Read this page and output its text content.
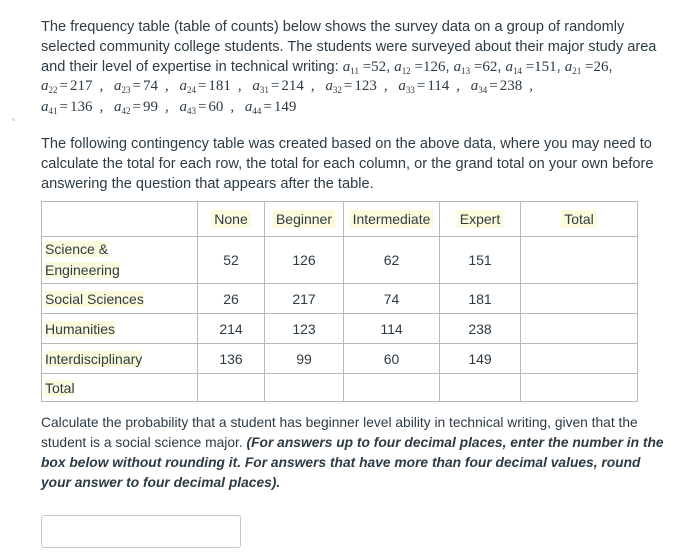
The frequency table (table of counts) below shows the survey data on a group of randomly selected community college students. The students were surveyed about their major study area and their level of expertise in technical writing: $a_{11} =52$, $a_{12} =126$, $a_{13} =62$, $a_{14} =151$, $a_{21} =26$,
$a_{22} = 217$ , $a_{23} = 74$ , $a_{24} = 181$ , $a_{31} = 214$ , $a_{32} = 123$ , $a_{33} = 114$ , $a_{34} = 238$ ,
$a_{41} = 136$ , $a_{42} = 99$ , $a_{43} = 60$ , $a_{44} = 149$
The following contingency table was created based on the above data, where you may need to calculate the total for each row, the total for each column, or the grand total on your own before answering the question that appears after the table.
	None	Beginner	Intermediate	Expert	Total

Science &
Engineering	52	126	62	151	
Social Sciences	26	217	74	181	
Humanities	214	123	114	238	
Interdisciplinary	136	99	60	149	
Total					
Calculate the probability that a student has beginner level ability in technical writing, given that the student is a social science major. (For answers up to four decimal places, enter the number in the box below without rounding it. For answers that have more than four decimal values, round your answer to four decimal places).
